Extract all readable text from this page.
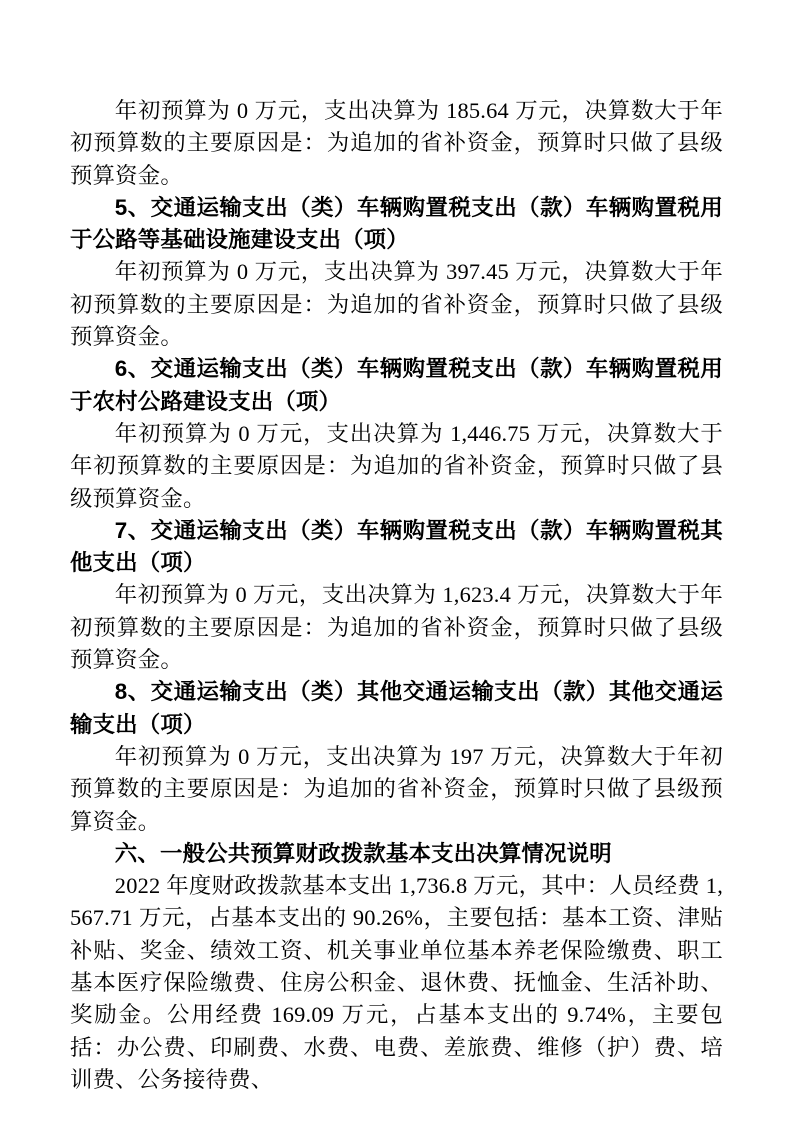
年初预算为 0 万元，支出决算为 185.64 万元，决算数大于年初预算数的主要原因是：为追加的省补资金，预算时只做了县级预算资金。

5、交通运输支出（类）车辆购置税支出（款）车辆购置税用于公路等基础设施建设支出（项）

年初预算为 0 万元，支出决算为 397.45 万元，决算数大于年初预算数的主要原因是：为追加的省补资金，预算时只做了县级预算资金。

6、交通运输支出（类）车辆购置税支出（款）车辆购置税用于农村公路建设支出（项）

年初预算为 0 万元，支出决算为 1,446.75 万元，决算数大于年初预算数的主要原因是：为追加的省补资金，预算时只做了县级预算资金。

7、交通运输支出（类）车辆购置税支出（款）车辆购置税其他支出（项）

年初预算为 0 万元，支出决算为 1,623.4 万元，决算数大于年初预算数的主要原因是：为追加的省补资金，预算时只做了县级预算资金。

8、交通运输支出（类）其他交通运输支出（款）其他交通运输支出（项）

年初预算为 0 万元，支出决算为 197 万元，决算数大于年初预算数的主要原因是：为追加的省补资金，预算时只做了县级预算资金。

六、一般公共预算财政拨款基本支出决算情况说明

2022 年度财政拨款基本支出 1,736.8 万元，其中：人员经费 1,567.71 万元，占基本支出的 90.26%，主要包括：基本工资、津贴补贴、奖金、绩效工资、机关事业单位基本养老保险缴费、职工基本医疗保险缴费、住房公积金、退休费、抚恤金、生活补助、奖励金。公用经费 169.09 万元，占基本支出的 9.74%，主要包括：办公费、印刷费、水费、电费、差旅费、维修（护）费、培训费、公务接待费、
